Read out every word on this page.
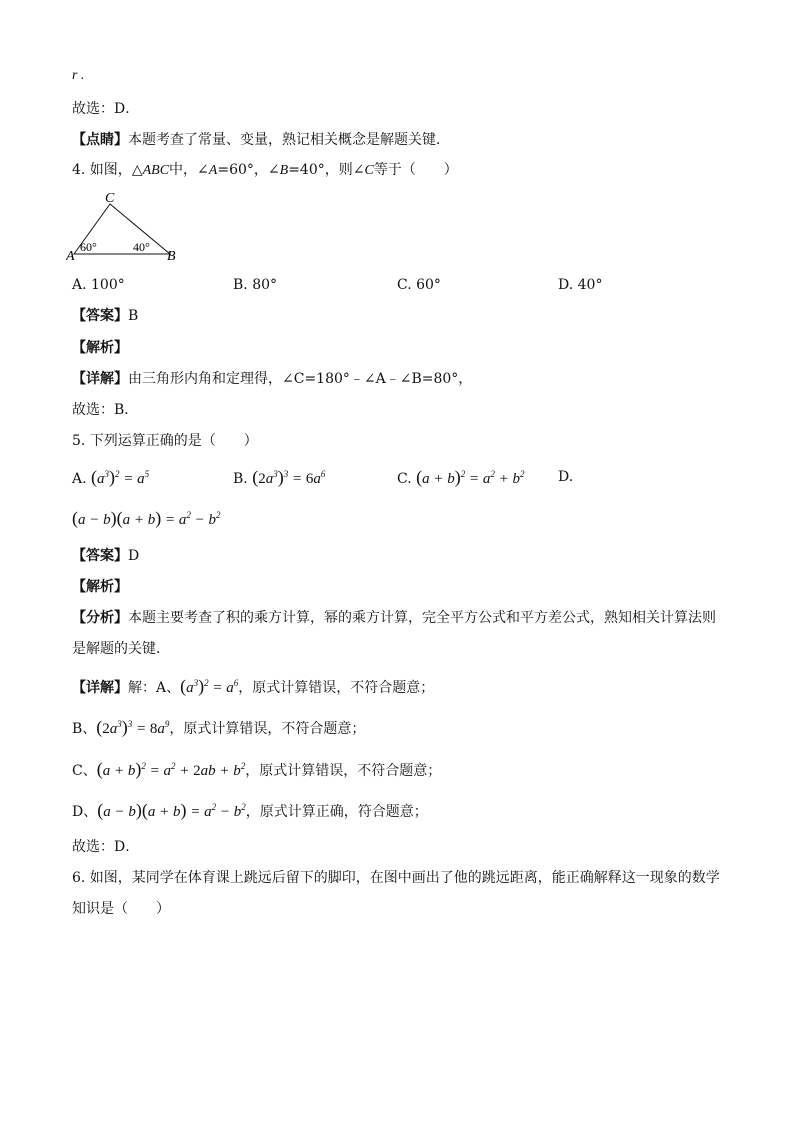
r .
故选：D．
【点睛】本题考查了常量、变量，熟记相关概念是解题关键．
4. 如图，△ABC中，∠A=60°，∠B=40°，则∠C等于（　　）
C
A	B
60°	40°
A. 100°	B. 80°	C. 60°	D. 40°
【答案】B
【解析】
【详解】由三角形内角和定理得，∠C=180°﹣∠A﹣∠B=80°，
故选：B．
5. 下列运算正确的是（　　）
A. $(a^3)^2 = a^5$	B. $(2a^3)^3 = 6a^6$	C. $(a + b)^2 = a^2 + b^2$ D.
$(a - b)(a + b) = a^2 - b^2$
【答案】D
【解析】
【分析】本题主要考查了积的乘方计算，幂的乘方计算，完全平方公式和平方差公式，熟知相关计算法则
是解题的关键．
【详解】解：A、$(a^3)^2 = a^6$，原式计算错误，不符合题意；
B、$(2a^3)^3 = 8a^9$，原式计算错误，不符合题意；
C、$(a + b)^2 = a^2 + 2ab + b^2$，原式计算错误，不符合题意；
D、$(a - b)(a + b) = a^2 - b^2$，原式计算正确，符合题意；
故选：D．
6. 如图，某同学在体育课上跳远后留下的脚印，在图中画出了他的跳远距离，能正确解释这一现象的数学
知识是（　　）
